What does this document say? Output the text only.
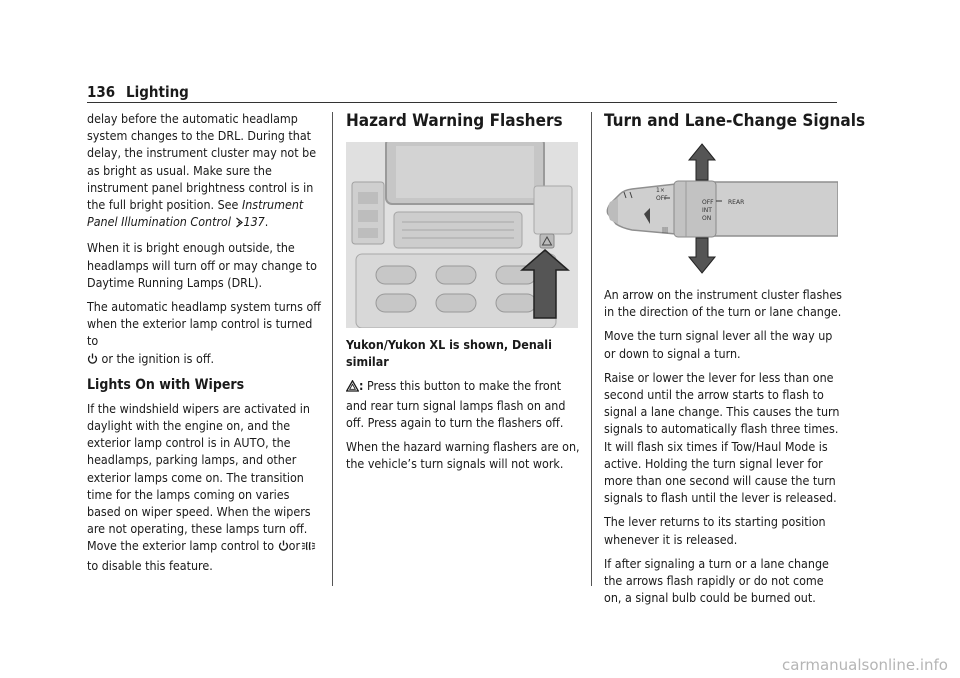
136 Lighting

delay before the automatic headlamp system changes to the DRL. During that delay, the instrument cluster may not be as bright as usual. Make sure the instrument panel brightness control is in the full bright position. See Instrument Panel Illumination Control 137.

When it is bright enough outside, the headlamps will turn off or may change to Daytime Running Lamps (DRL).

The automatic headlamp system turns off when the exterior lamp control is turned to
or the ignition is off.

Lights On with Wipers

If the windshield wipers are activated in daylight with the engine on, and the exterior lamp control is in AUTO, the headlamps, parking lamps, and other exterior lamps come on. The transition time for the lamps coming on varies based on wiper speed. When the wipers are not operating, these lamps turn off. Move the exterior lamp control to or to disable this feature.

Hazard Warning Flashers

Yukon/Yukon XL is shown, Denali similar

: Press this button to make the front and rear turn signal lamps flash on and off. Press again to turn the flashers off.

When the hazard warning flashers are on, the vehicle’s turn signals will not work.

Turn and Lane-Change Signals
1×
OFF
OFF
INT
ON
REAR
|||

An arrow on the instrument cluster flashes in the direction of the turn or lane change.

Move the turn signal lever all the way up or down to signal a turn.

Raise or lower the lever for less than one second until the arrow starts to flash to signal a lane change. This causes the turn signals to automatically flash three times. It will flash six times if Tow/Haul Mode is active. Holding the turn signal lever for more than one second will cause the turn signals to flash until the lever is released.

The lever returns to its starting position whenever it is released.

If after signaling a turn or a lane change the arrows flash rapidly or do not come on, a signal bulb could be burned out.

carmanualsonline.info
